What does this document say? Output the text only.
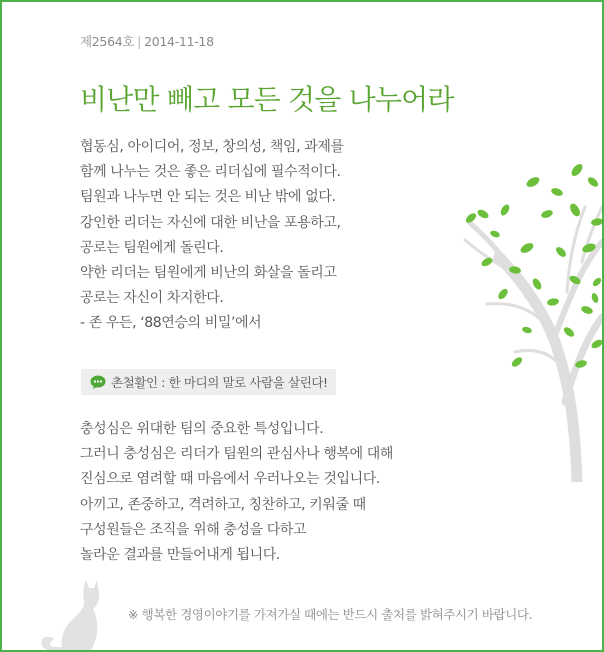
제2564호 | 2014-11-18
비난만 빼고 모든 것을 나누어라
협동심, 아이디어, 정보, 창의성, 책임, 과제를
함께 나누는 것은 좋은 리더십에 필수적이다.
팀원과 나누면 안 되는 것은 비난 밖에 없다.
강인한 리더는 자신에 대한 비난을 포용하고,
공로는 팀원에게 돌린다.
약한 리더는 팀원에게 비난의 화살을 돌리고
공로는 자신이 차지한다.
- 존 우든, ‘88연승의 비밀’에서
촌철활인 : 한 마디의 말로 사람을 살린다!
충성심은 위대한 팀의 중요한 특성입니다.
그러니 충성심은 리더가 팀원의 관심사나 행복에 대해
진심으로 염려할 때 마음에서 우러나오는 것입니다.
아끼고, 존중하고, 격려하고, 칭찬하고, 키워줄 때
구성원들은 조직을 위해 충성을 다하고
놀라운 결과를 만들어내게 됩니다.
※ 행복한 경영이야기를 가져가실 때에는 반드시 출처를 밝혀주시기 바랍니다.
